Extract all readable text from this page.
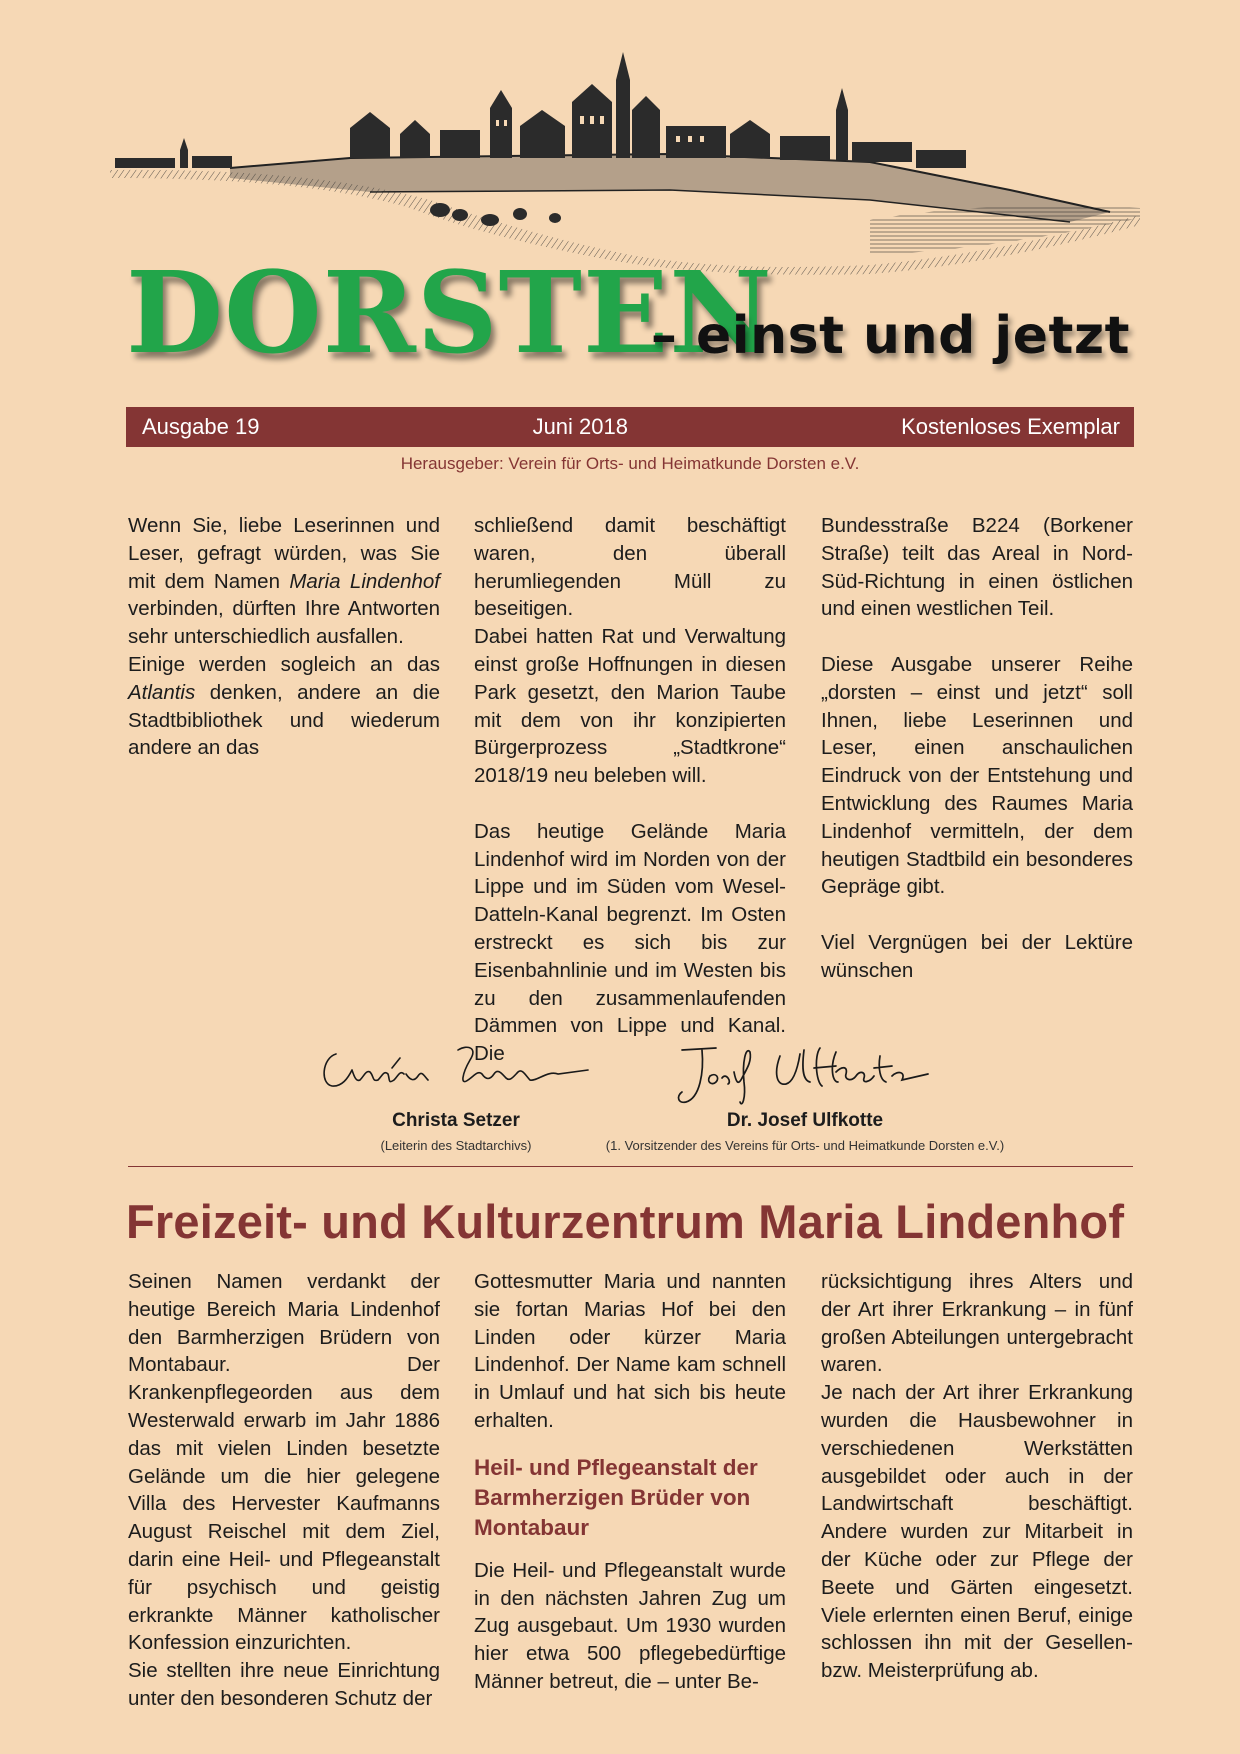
DORSTEN
– einst und jetzt
Ausgabe 19	Juni 2018	Kostenloses Exemplar
Herausgeber: Verein für Orts- und Heimatkunde Dorsten e.V.

Wenn Sie, liebe Leserinnen und Leser, gefragt würden, was Sie mit dem Namen Maria Lindenhof verbinden, dürften Ihre Antworten sehr unterschiedlich ausfallen.

Einige werden sogleich an das Atlantis denken, andere an die Stadtbibliothek und wiederum andere an das

schließend damit beschäftigt waren, den überall herumliegenden Müll zu beseitigen.

Dabei hatten Rat und Verwaltung einst große Hoffnungen in diesen Park gesetzt, den Marion Taube mit dem von ihr konzipierten Bürgerprozess „Stadtkrone“ 2018/19 neu beleben will.

Das heutige Gelände Maria Lindenhof wird im Norden von der Lippe und im Süden vom Wesel-Datteln-Kanal begrenzt. Im Osten erstreckt es sich bis zur Eisenbahnlinie und im Westen bis zu den zusammenlaufenden Dämmen von Lippe und Kanal. Die

Bundesstraße B224 (Borkener Straße) teilt das Areal in Nord-Süd-Richtung in einen östlichen und einen westlichen Teil.

Diese Ausgabe unserer Reihe „dorsten – einst und jetzt“ soll Ihnen, liebe Leserinnen und Leser, einen anschaulichen Eindruck von der Entstehung und Entwicklung des Raumes Maria Lindenhof vermitteln, der dem heutigen Stadtbild ein besonderes Gepräge gibt.

Viel Vergnügen bei der Lektüre wünschen

Christa Setzer
(Leiterin des Stadtarchivs)
Dr. Josef Ulfkotte
(1. Vorsitzender des Vereins für Orts- und Heimatkunde Dorsten e.V.)
Freizeit- und Kulturzentrum Maria Lindenhof

Seinen Namen verdankt der heutige Bereich Maria Lindenhof den Barmherzigen Brüdern von Montabaur. Der Krankenpflegeorden aus dem Westerwald erwarb im Jahr 1886 das mit vielen Linden besetzte Gelände um die hier gelegene Villa des Hervester Kaufmanns August Reischel mit dem Ziel, darin eine Heil- und Pflegeanstalt für psychisch und geistig erkrankte Männer katholischer Konfession einzurichten.

Sie stellten ihre neue Einrichtung unter den besonderen Schutz der

Gottesmutter Maria und nannten sie fortan Marias Hof bei den Linden oder kürzer Maria Lindenhof. Der Name kam schnell in Umlauf und hat sich bis heute erhalten.

Heil- und Pflegeanstalt der Barmherzigen Brüder von Montabaur

Die Heil- und Pflegeanstalt wurde in den nächsten Jahren Zug um Zug ausgebaut. Um 1930 wurden hier etwa 500 pflegebedürftige Männer betreut, die – unter Be-

rücksichtigung ihres Alters und der Art ihrer Erkrankung – in fünf großen Abteilungen untergebracht waren.

Je nach der Art ihrer Erkrankung wurden die Hausbewohner in verschiedenen Werkstätten ausgebildet oder auch in der Landwirtschaft beschäftigt. Andere wurden zur Mitarbeit in der Küche oder zur Pflege der Beete und Gärten eingesetzt. Viele erlernten einen Beruf, einige schlossen ihn mit der Gesellen- bzw. Meisterprüfung ab.
